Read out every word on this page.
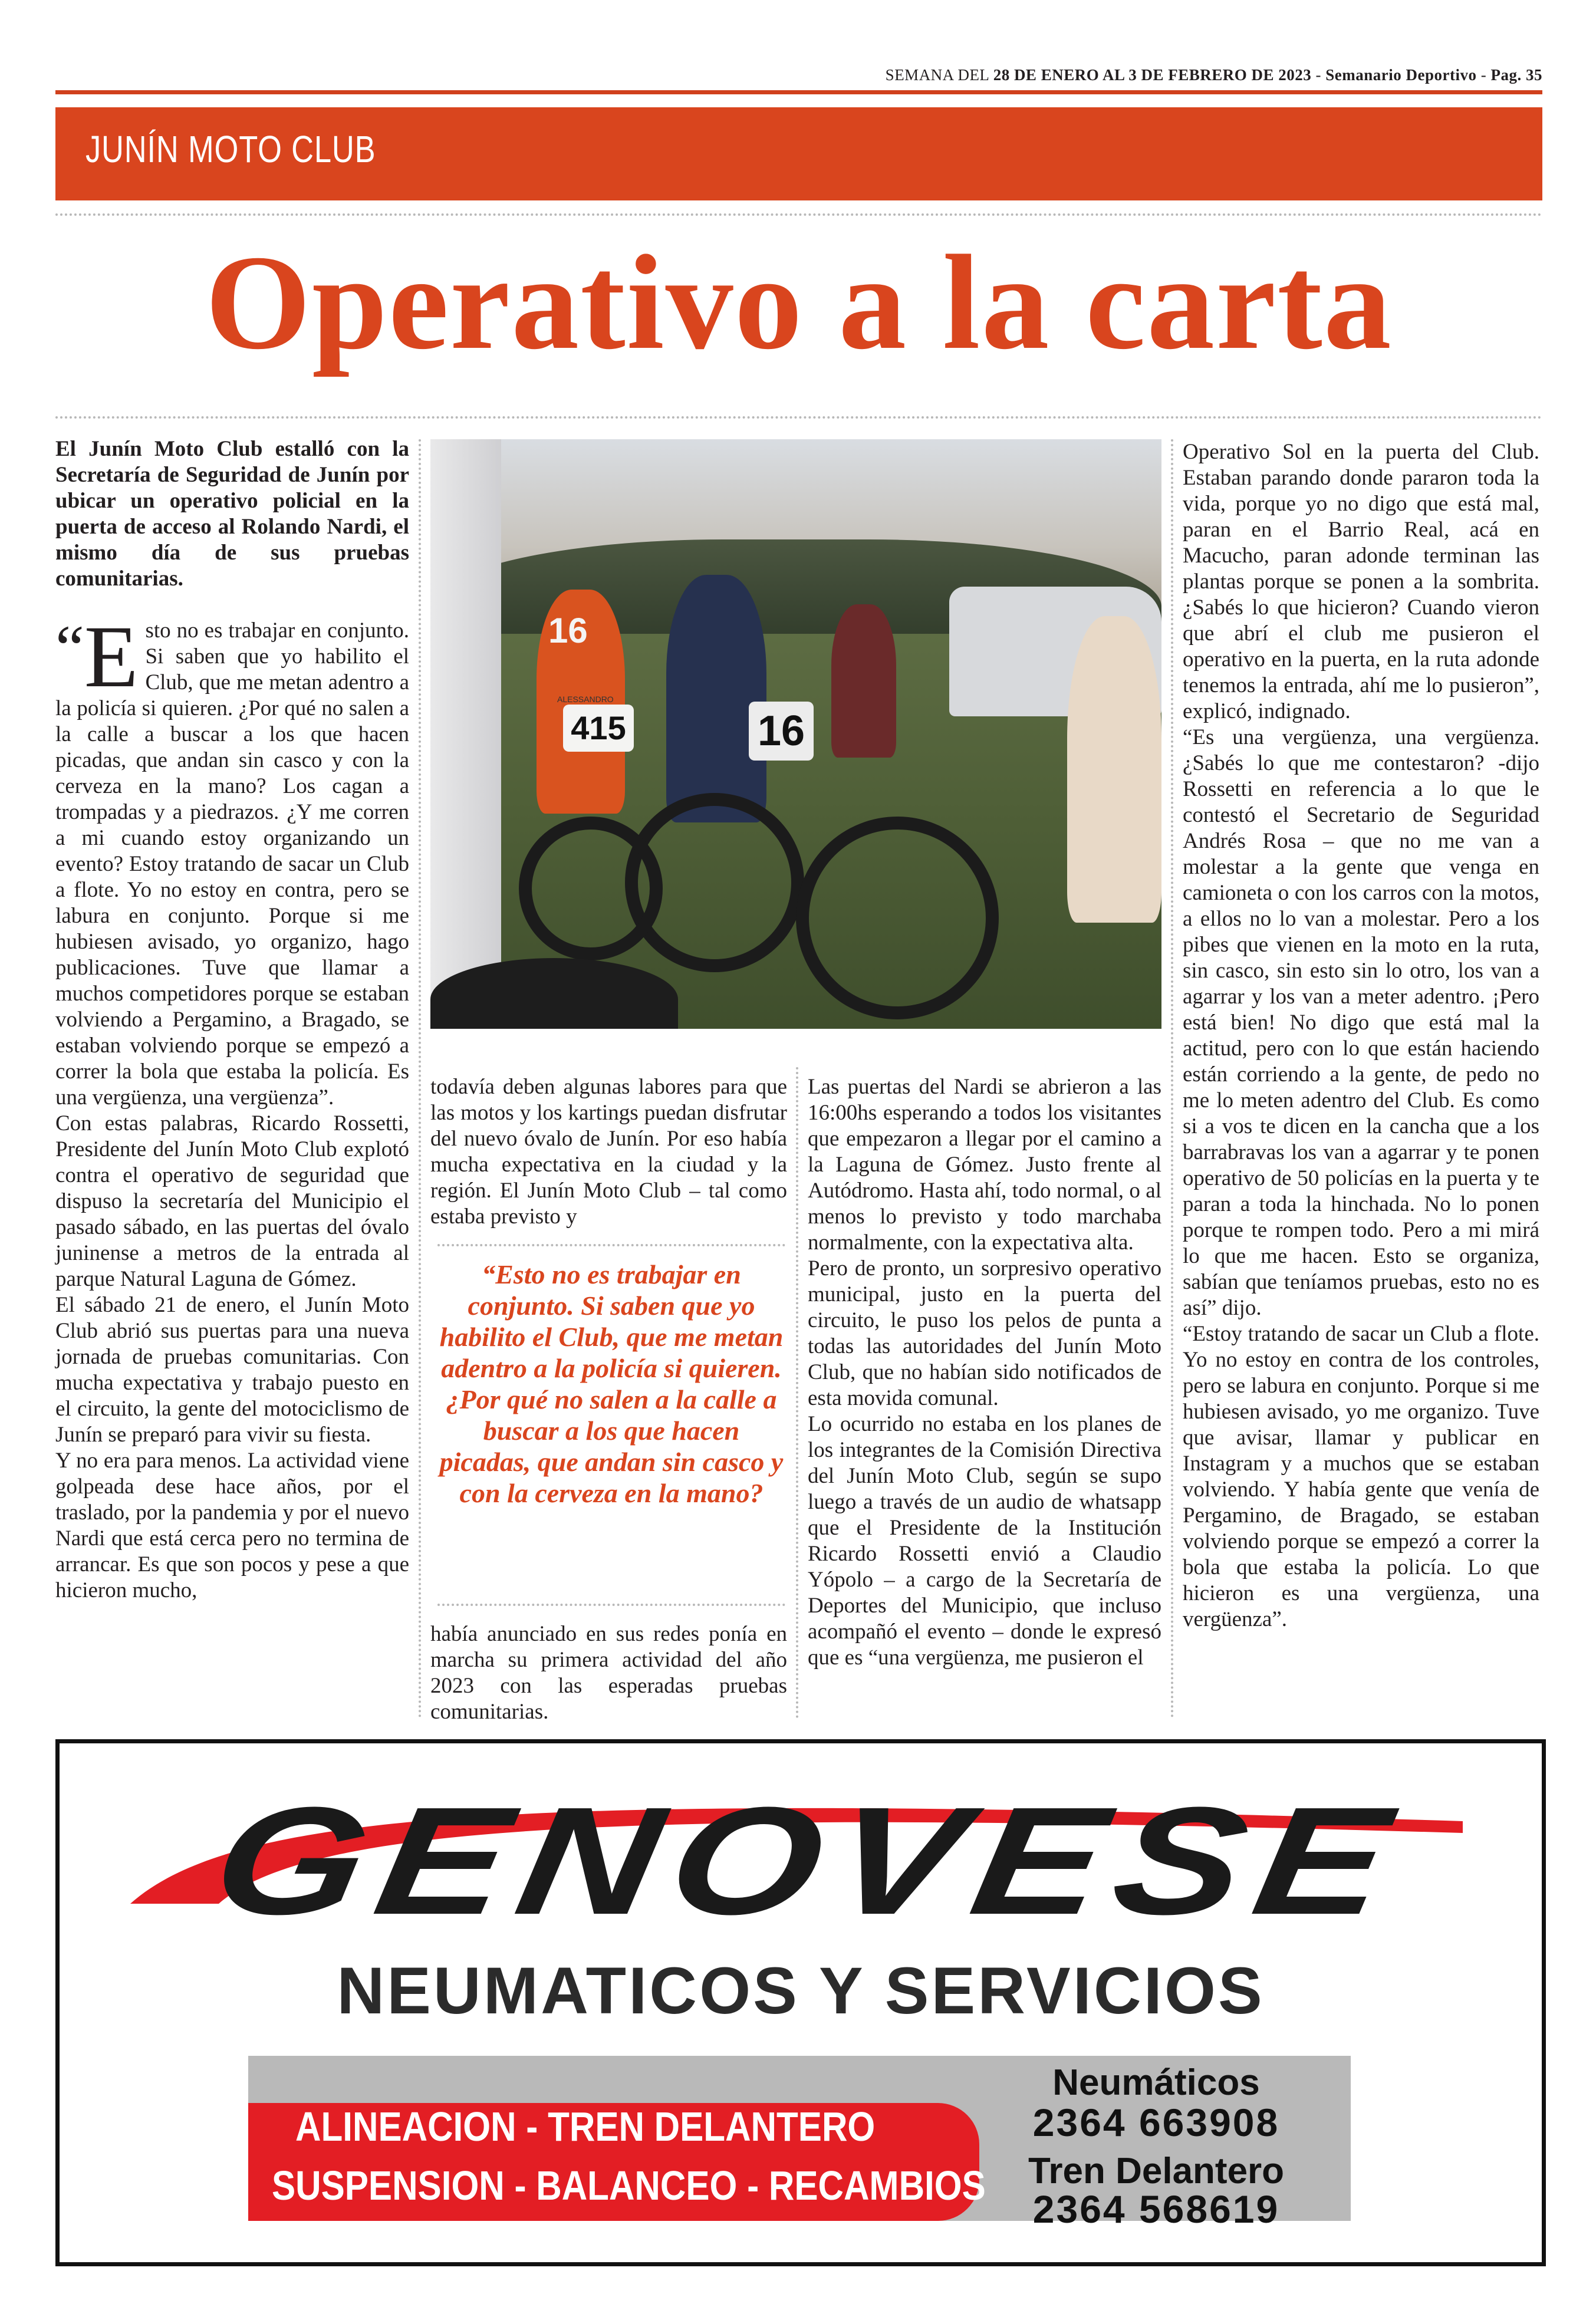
SEMANA DEL 28 DE ENERO AL 3 DE FEBRERO DE 2023 - Semanario Deportivo - Pag. 35
JUNÍN MOTO CLUB
Operativo a la carta

El Junín Moto Club estalló con la Secretaría de Seguridad de Junín por ubicar un operativo policial en la puerta de acceso al Rolando Nardi, el mismo día de sus pruebas comunitarias.

“E sto no es trabajar en conjunto. Si saben que yo habilito el Club, que me metan adentro a la policía si quieren. ¿Por qué no salen a la calle a buscar a los que hacen picadas, que andan sin casco y con la cerveza en la mano? Los cagan a trompadas y a piedrazos. ¿Y me corren a mi cuando estoy organizando un evento? Estoy tratando de sacar un Club a flote. Yo no estoy en contra, pero se labura en conjunto. Porque si me hubiesen avisado, yo organizo, hago publicaciones. Tuve que llamar a muchos competidores porque se estaban volviendo a Pergamino, a Bragado, se estaban volviendo porque se empezó a correr la bola que estaba la policía. Es una vergüenza, una vergüenza”.

Con estas palabras, Ricardo Rossetti, Presidente del Junín Moto Club explotó contra el operativo de seguridad que dispuso la secretaría del Municipio el pasado sábado, en las puertas del óvalo juninense a metros de la entrada al parque Natural Laguna de Gómez.

El sábado 21 de enero, el Junín Moto Club abrió sus puertas para una nueva jornada de pruebas comunitarias. Con mucha expectativa y trabajo puesto en el circuito, la gente del motociclismo de Junín se preparó para vivir su fiesta.

Y no era para menos. La actividad viene golpeada dese hace años, por el traslado, por la pandemia y por el nuevo Nardi que está cerca pero no termina de arrancar. Es que son pocos y pese a que hicieron mucho,

415	16
16
ALESSANDRO

todavía deben algunas labores para que las motos y los kartings puedan disfrutar del nuevo óvalo de Junín. Por eso había mucha expectativa en la ciudad y la región. El Junín Moto Club – tal como estaba previsto y

“Esto no es trabajar en conjunto. Si saben que yo habilito el Club, que me metan adentro a la policía si quieren. ¿Por qué no salen a la calle a buscar a los que hacen picadas, que andan sin casco y con la cerveza en la mano?

había anunciado en sus redes ponía en marcha su primera actividad del año 2023 con las esperadas pruebas comunitarias.

Las puertas del Nardi se abrieron a las 16:00hs esperando a todos los visitantes que empezaron a llegar por el camino a la Laguna de Gómez. Justo frente al Autódromo. Hasta ahí, todo normal, o al menos lo previsto y todo marchaba normalmente, con la expectativa alta.

Pero de pronto, un sorpresivo operativo municipal, justo en la puerta del circuito, le puso los pelos de punta a todas las autoridades del Junín Moto Club, que no habían sido notificados de esta movida comunal.

Lo ocurrido no estaba en los planes de los integrantes de la Comisión Directiva del Junín Moto Club, según se supo luego a través de un audio de whatsapp que el Presidente de la Institución Ricardo Rossetti envió a Claudio Yópolo – a cargo de la Secretaría de Deportes del Municipio, que incluso acompañó el evento – donde le expresó que es “una vergüenza, me pusieron el

Operativo Sol en la puerta del Club. Estaban parando donde pararon toda la vida, porque yo no digo que está mal, paran en el Barrio Real, acá en Macucho, paran adonde terminan las plantas porque se ponen a la sombrita. ¿Sabés lo que hicieron? Cuando vieron que abrí el club me pusieron el operativo en la puerta, en la ruta adonde tenemos la entrada, ahí me lo pusieron”, explicó, indignado.

“Es una vergüenza, una vergüenza. ¿Sabés lo que me contestaron? -dijo Rossetti en referencia a lo que le contestó el Secretario de Seguridad Andrés Rosa – que no me van a molestar a la gente que venga en camioneta o con los carros con la motos, a ellos no lo van a molestar. Pero a los pibes que vienen en la moto en la ruta, sin casco, sin esto sin lo otro, los van a agarrar y los van a meter adentro. ¡Pero está bien! No digo que está mal la actitud, pero con lo que están haciendo están corriendo a la gente, de pedo no me lo meten adentro del Club. Es como si a vos te dicen en la cancha que a los barrabravas los van a agarrar y te ponen operativo de 50 policías en la puerta y te paran a toda la hinchada. No lo ponen porque te rompen todo. Pero a mi mirá lo que me hacen. Esto se organiza, sabían que teníamos pruebas, esto no es así” dijo.

“Estoy tratando de sacar un Club a flote. Yo no estoy en contra de los controles, pero se labura en conjunto. Porque si me hubiesen avisado, yo me organizo. Tuve que avisar, llamar y publicar en Instagram y a muchos que se estaban volviendo. Y había gente que venía de Pergamino, de Bragado, se estaban volviendo porque se empezó a correr la bola que estaba la policía. Lo que hicieron es una vergüenza, una vergüenza”.

GENOVESE
NEUMATICOS Y SERVICIOS
ALINEACION - TREN DELANTERO
SUSPENSION - BALANCEO - RECAMBIOS
Neumáticos
2364 663908
Tren Delantero
2364 568619
